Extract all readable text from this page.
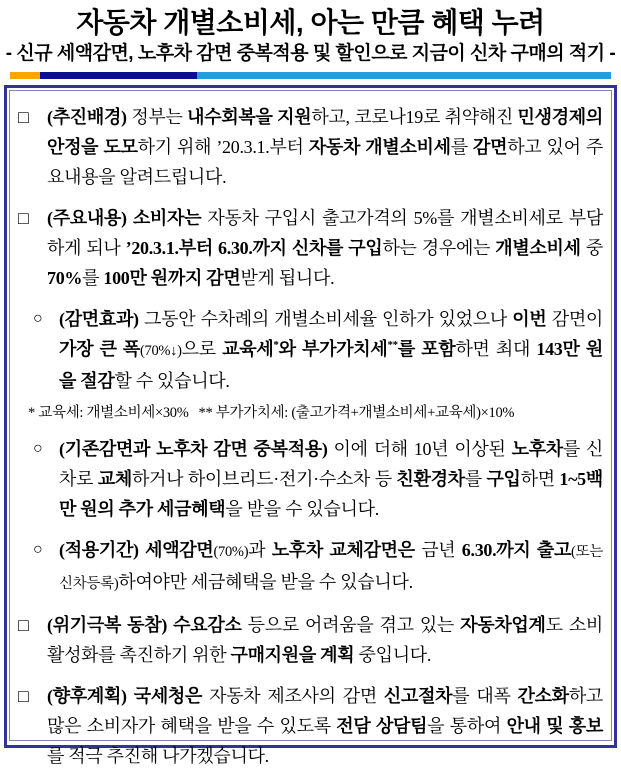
자동차 개별소비세, 아는 만큼 혜택 누려
- 신규 세액감면, 노후차 감면 중복적용 및 할인으로 지금이 신차 구매의 적기 -
□	(추진배경) 정부는 내수회복을 지원하고, 코로나19로 취약해진 민생경제의 안정을 도모하기 위해 ’20.3.1.부터 자동차 개별소비세를 감면하고 있어 주요내용을 알려드립니다.
□	(주요내용) 소비자는 자동차 구입시 출고가격의 5%를 개별소비세로 부담하게 되나 ’20.3.1.부터 6.30.까지 신차를 구입하는 경우에는 개별소비세 중 70%를 100만 원까지 감면받게 됩니다.
○ (감면효과) 그동안 수차례의 개별소비세율 인하가 있었으나 이번 감면이 가장 큰 폭(70%↓)으로 교육세*와 부가가치세**를 포함하면 최대 143만 원을 절감할 수 있습니다.
* 교육세: 개별소비세×30%   ** 부가가치세: (출고가격+개별소비세+교육세)×10%
○ (기존감면과 노후차 감면 중복적용) 이에 더해 10년 이상된 노후차를 신차로 교체하거나 하이브리드·전기·수소차 등 친환경차를 구입하면 1~5백만 원의 추가 세금혜택을 받을 수 있습니다.
○ (적용기간) 세액감면(70%)과 노후차 교체감면은 금년 6.30.까지 출고(또는 신차등록)하여야만 세금혜택을 받을 수 있습니다.
□	(위기극복 동참) 수요감소 등으로 어려움을 겪고 있는 자동차업계도 소비활성화를 촉진하기 위한 구매지원을 계획 중입니다.
□	(향후계획) 국세청은 자동차 제조사의 감면 신고절차를 대폭 간소화하고 많은 소비자가 혜택을 받을 수 있도록 전담 상담팀을 통하여 안내 및 홍보를 적극 추진해 나가겠습니다.
